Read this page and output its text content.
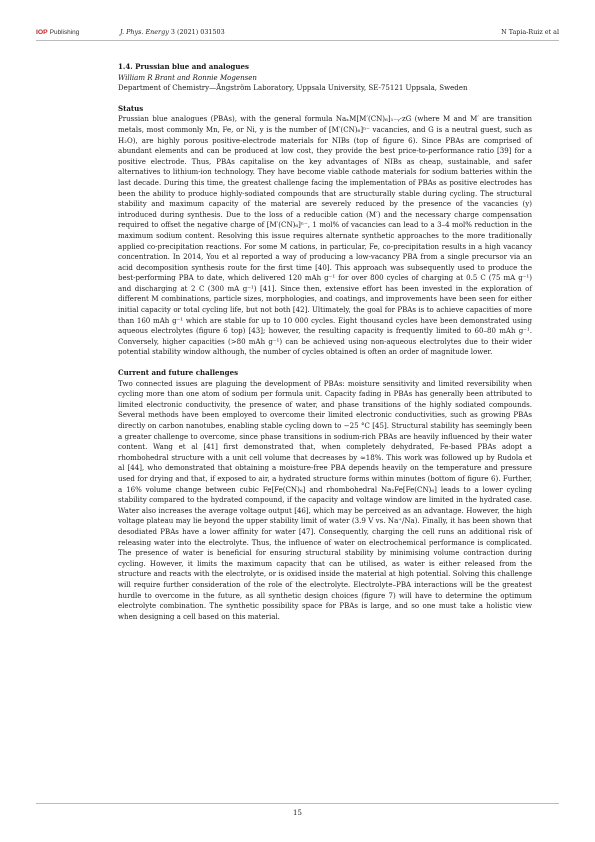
IOP Publishing	J. Phys. Energy 3 (2021) 031503	N Tapia-Ruiz et al
1.4. Prussian blue and analogues
William R Brant and Ronnie Mogensen
Department of Chemistry—Ångström Laboratory, Uppsala University, SE-75121 Uppsala, Sweden
Status

Prussian blue analogues (PBAs), with the general formula NaₓM[M′(CN)₆]₁₋ᵧ·zG (where M and M′ are transition metals, most commonly Mn, Fe, or Ni, y is the number of [M′(CN)₆]ⁿ⁻ vacancies, and G is a neutral guest, such as H₂O), are highly porous positive-electrode materials for NIBs (top of figure 6). Since PBAs are comprised of abundant elements and can be produced at low cost, they provide the best price-to-performance ratio [39] for a positive electrode. Thus, PBAs capitalise on the key advantages of NIBs as cheap, sustainable, and safer alternatives to lithium-ion technology. They have become viable cathode materials for sodium batteries within the last decade. During this time, the greatest challenge facing the implementation of PBAs as positive electrodes has been the ability to produce highly-sodiated compounds that are structurally stable during cycling. The structural stability and maximum capacity of the material are severely reduced by the presence of the vacancies (y) introduced during synthesis. Due to the loss of a reducible cation (M′) and the necessary charge compensation required to offset the negative charge of [M′(CN)₆]ⁿ⁻, 1 mol% of vacancies can lead to a 3–4 mol% reduction in the maximum sodium content. Resolving this issue requires alternate synthetic approaches to the more traditionally applied co-precipitation reactions. For some M cations, in particular, Fe, co-precipitation results in a high vacancy concentration. In 2014, You et al reported a way of producing a low-vacancy PBA from a single precursor via an acid decomposition synthesis route for the first time [40]. This approach was subsequently used to produce the best-performing PBA to date, which delivered 120 mAh g⁻¹ for over 800 cycles of charging at 0.5 C (75 mA g⁻¹) and discharging at 2 C (300 mA g⁻¹) [41]. Since then, extensive effort has been invested in the exploration of different M combinations, particle sizes, morphologies, and coatings, and improvements have been seen for either initial capacity or total cycling life, but not both [42]. Ultimately, the goal for PBAs is to achieve capacities of more than 160 mAh g⁻¹ which are stable for up to 10 000 cycles. Eight thousand cycles have been demonstrated using aqueous electrolytes (figure 6 top) [43]; however, the resulting capacity is frequently limited to 60–80 mAh g⁻¹. Conversely, higher capacities (>80 mAh g⁻¹) can be achieved using non-aqueous electrolytes due to their wider potential stability window although, the number of cycles obtained is often an order of magnitude lower.

Current and future challenges

Two connected issues are plaguing the development of PBAs: moisture sensitivity and limited reversibility when cycling more than one atom of sodium per formula unit. Capacity fading in PBAs has generally been attributed to limited electronic conductivity, the presence of water, and phase transitions of the highly sodiated compounds. Several methods have been employed to overcome their limited electronic conductivities, such as growing PBAs directly on carbon nanotubes, enabling stable cycling down to −25 °C [45]. Structural stability has seemingly been a greater challenge to overcome, since phase transitions in sodium-rich PBAs are heavily influenced by their water content. Wang et al [41] first demonstrated that, when completely dehydrated, Fe-based PBAs adopt a rhombohedral structure with a unit cell volume that decreases by ≈18%. This work was followed up by Rudola et al [44], who demonstrated that obtaining a moisture-free PBA depends heavily on the temperature and pressure used for drying and that, if exposed to air, a hydrated structure forms within minutes (bottom of figure 6). Further, a 16% volume change between cubic Fe[Fe(CN)₆] and rhombohedral Na₂Fe[Fe(CN)₆] leads to a lower cycling stability compared to the hydrated compound, if the capacity and voltage window are limited in the hydrated case. Water also increases the average voltage output [46], which may be perceived as an advantage. However, the high voltage plateau may lie beyond the upper stability limit of water (3.9 V vs. Na⁺/Na). Finally, it has been shown that desodiated PBAs have a lower affinity for water [47]. Consequently, charging the cell runs an additional risk of releasing water into the electrolyte. Thus, the influence of water on electrochemical performance is complicated. The presence of water is beneficial for ensuring structural stability by minimising volume contraction during cycling. However, it limits the maximum capacity that can be utilised, as water is either released from the structure and reacts with the electrolyte, or is oxidised inside the material at high potential. Solving this challenge will require further consideration of the role of the electrolyte. Electrolyte–PBA interactions will be the greatest hurdle to overcome in the future, as all synthetic design choices (figure 7) will have to determine the optimum electrolyte combination. The synthetic possibility space for PBAs is large, and so one must take a holistic view when designing a cell based on this material.

15
